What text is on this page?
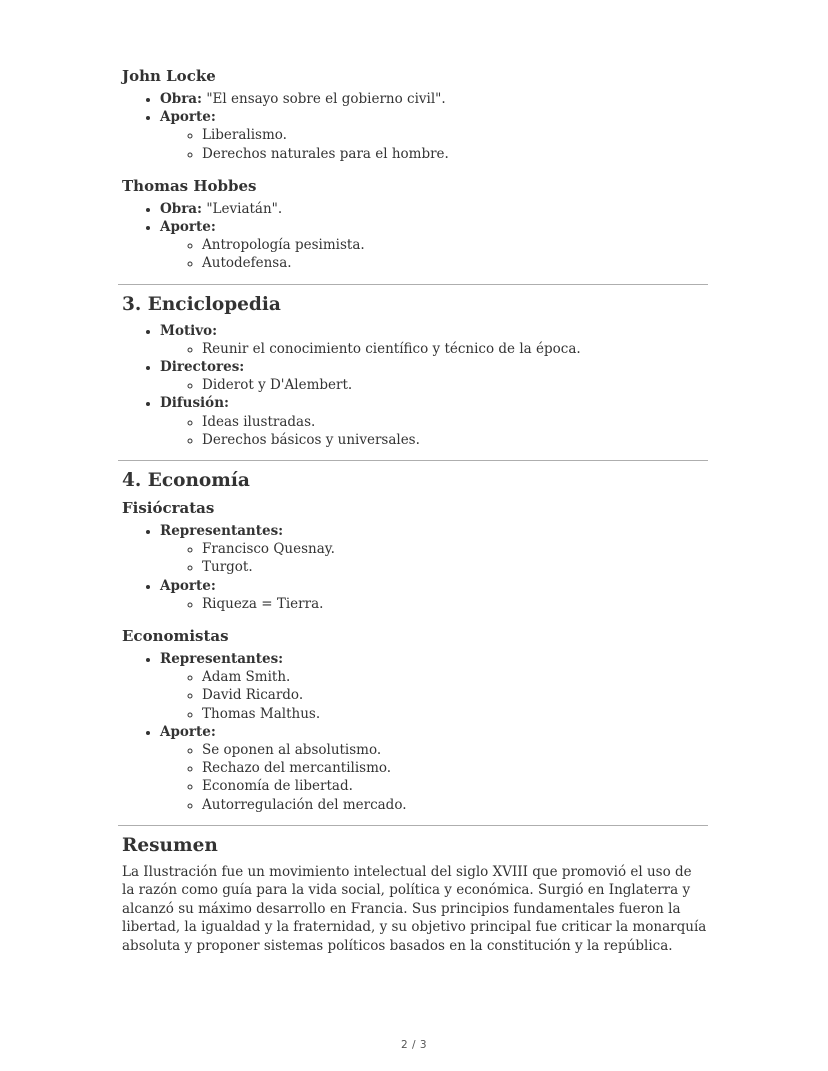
John Locke
• Obra: "El ensayo sobre el gobierno civil".
• Aporte:
◦ Liberalismo.
◦ Derechos naturales para el hombre.
Thomas Hobbes
• Obra: "Leviatán".
• Aporte:
◦ Antropología pesimista.
◦ Autodefensa.
3. Enciclopedia
• Motivo:
◦ Reunir el conocimiento científico y técnico de la época.
• Directores:
◦ Diderot y D'Alembert.
• Difusión:
◦ Ideas ilustradas.
◦ Derechos básicos y universales.
4. Economía
Fisiócratas
• Representantes:
◦ Francisco Quesnay.
◦ Turgot.
• Aporte:
◦ Riqueza = Tierra.
Economistas
• Representantes:
◦ Adam Smith.
◦ David Ricardo.
◦ Thomas Malthus.
• Aporte:
◦ Se oponen al absolutismo.
◦ Rechazo del mercantilismo.
◦ Economía de libertad.
◦ Autorregulación del mercado.
Resumen

La Ilustración fue un movimiento intelectual del siglo XVIII que promovió el uso de la razón como guía para la vida social, política y económica. Surgió en Inglaterra y alcanzó su máximo desarrollo en Francia. Sus principios fundamentales fueron la libertad, la igualdad y la fraternidad, y su objetivo principal fue criticar la monarquía absoluta y proponer sistemas políticos basados en la constitución y la república.

2 / 3
